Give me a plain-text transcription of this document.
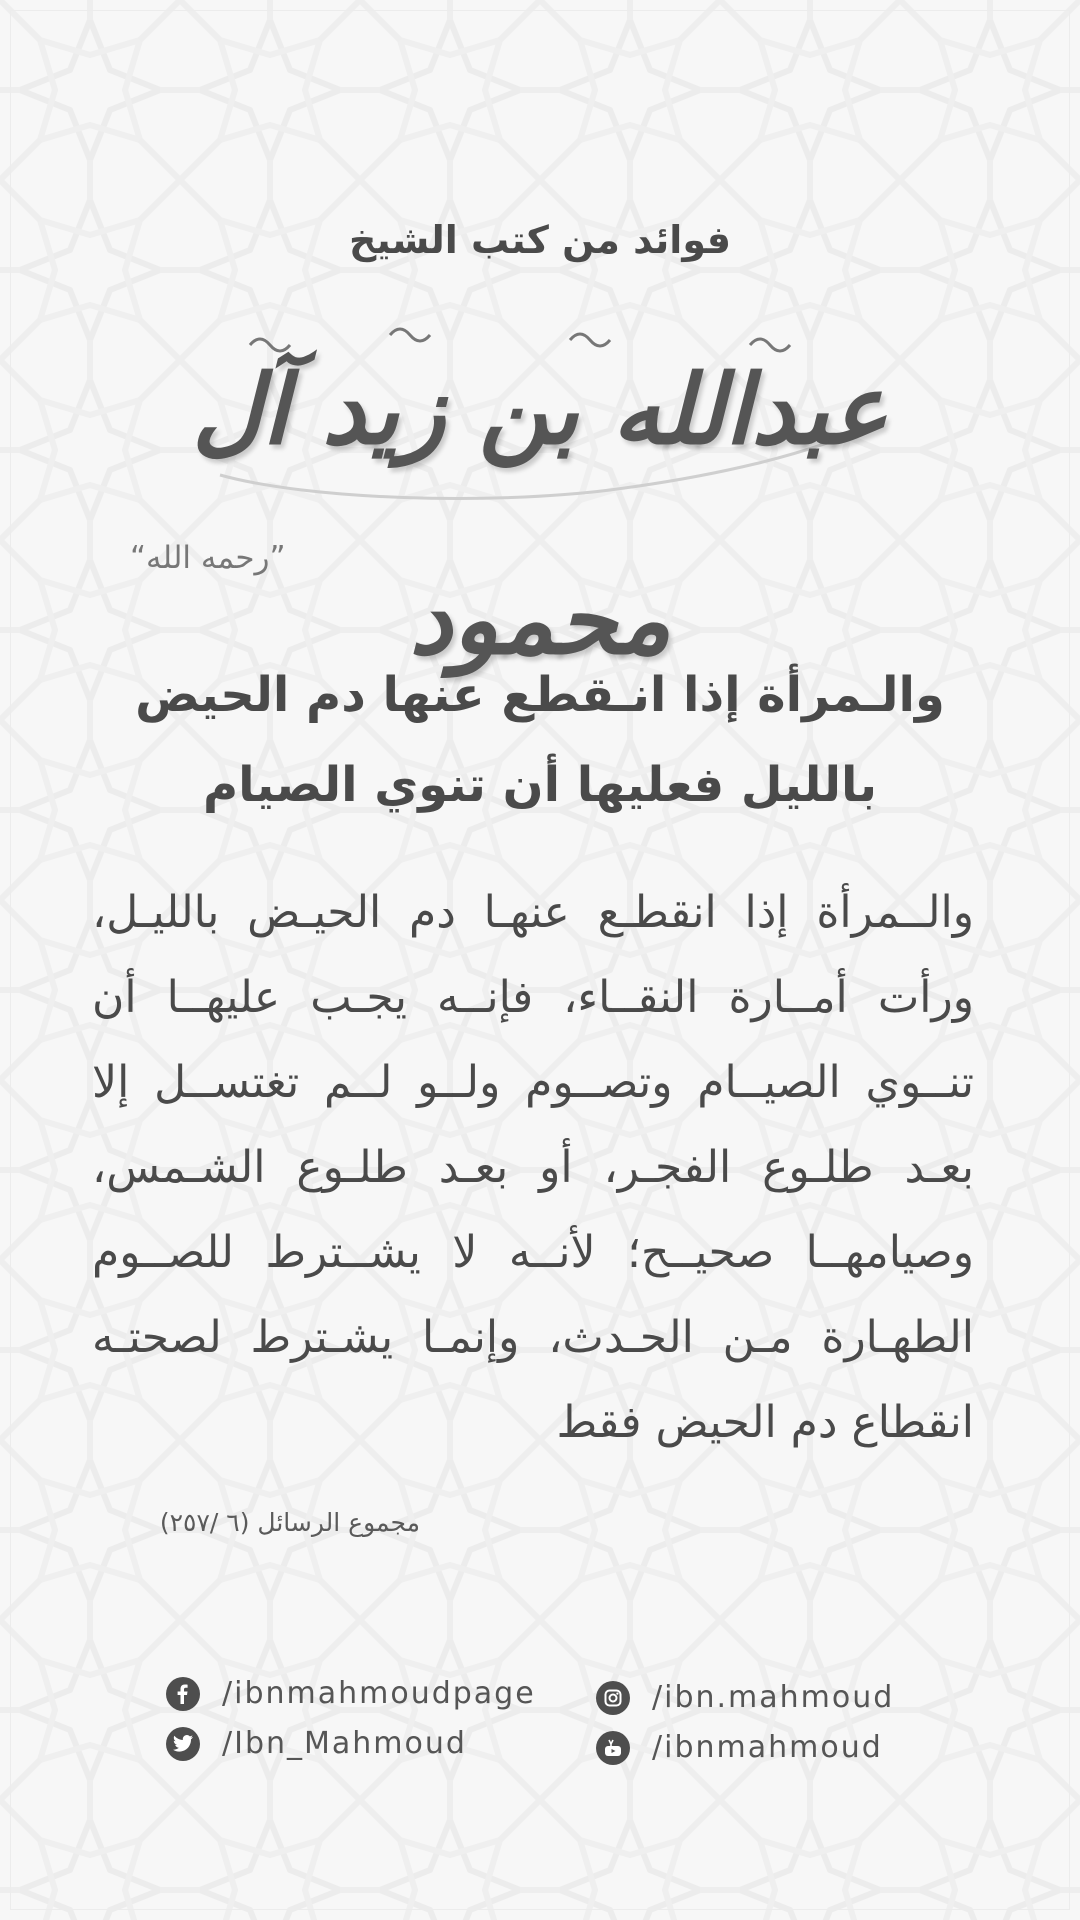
فوائد من كتب الشيخ
عبدالله بن زيد آل محمود
”رحمه الله“
والـمرأة إذا انـقطع عنها دم الحيض
بالليل فعليها أن تنوي الصيام
والــمرأة إذا انقطـع عنهـا دم الحيـض بالليـل، ورأت أمــارة النقــاء، فإنــه يجـب عليهــا أن تنــوي الصيــام وتصــوم ولــو لــم تغتســل إلا بعـد طلـوع الفجـر، أو بعـد طلـوع الشـمس، وصيامهــا صحيــح؛ لأنــه لا يشــترط للصــوم الطهـارة مـن الحـدث، وإنمـا يشـترط لصحتـه انقطاع دم الحيض فقط
مجموع الرسائل (٦ /٢٥٧)
/ibnmahmoudpage
/Ibn_Mahmoud
/ibn.mahmoud
/ibnmahmoud
